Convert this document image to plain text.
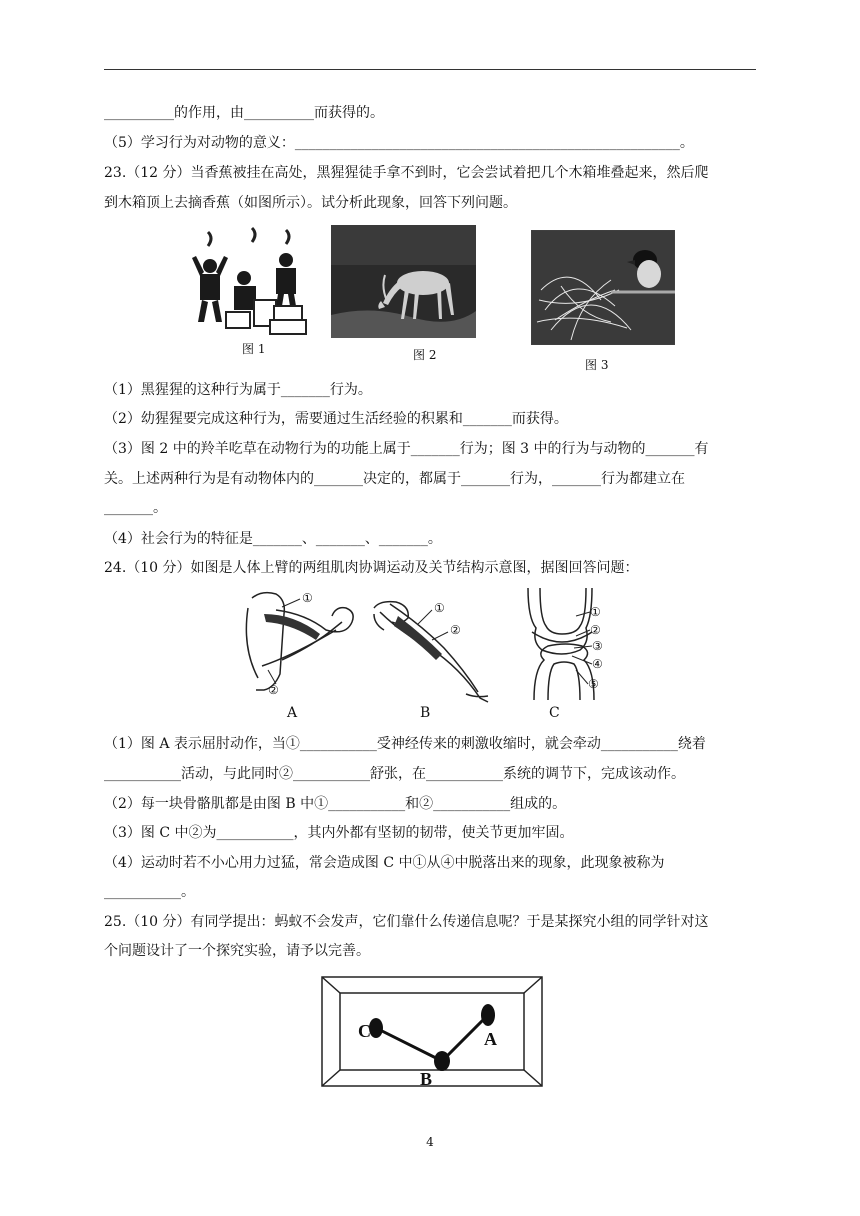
__________的作用，由__________而获得的。
（5）学习行为对动物的意义：_______________________________________________________。
23.（12 分）当香蕉被挂在高处，黑猩猩徒手拿不到时，它会尝试着把几个木箱堆叠起来，然后爬
到木箱顶上去摘香蕉（如图所示）。试分析此现象，回答下列问题。
图 1	图 2
图 3
（1）黑猩猩的这种行为属于_______行为。
（2）幼猩猩要完成这种行为，需要通过生活经验的积累和_______而获得。
（3）图 2 中的羚羊吃草在动物行为的功能上属于_______行为；图 3 中的行为与动物的_______有
关。上述两种行为是有动物体内的_______决定的，都属于_______行为，_______行为都建立在
_______。
（4）社会行为的特征是_______、_______、_______。
24.（10 分）如图是人体上臂的两组肌肉协调运动及关节结构示意图，据图回答问题：
①
②
A
①
②
B
①
②
③
④
⑤
C
（1）图 A 表示屈肘动作，当①___________受神经传来的刺激收缩时，就会牵动___________绕着
___________活动，与此同时②___________舒张，在___________系统的调节下，完成该动作。
（2）每一块骨骼肌都是由图 B 中①___________和②___________组成的。
（3）图 C 中②为___________，其内外都有坚韧的韧带，使关节更加牢固。
（4）运动时若不小心用力过猛，常会造成图 C 中①从④中脱落出来的现象，此现象被称为
___________。
25.（10 分）有同学提出：蚂蚁不会发声，它们靠什么传递信息呢？于是某探究小组的同学针对这
个问题设计了一个探究实验，请予以完善。
C
B
A
4
